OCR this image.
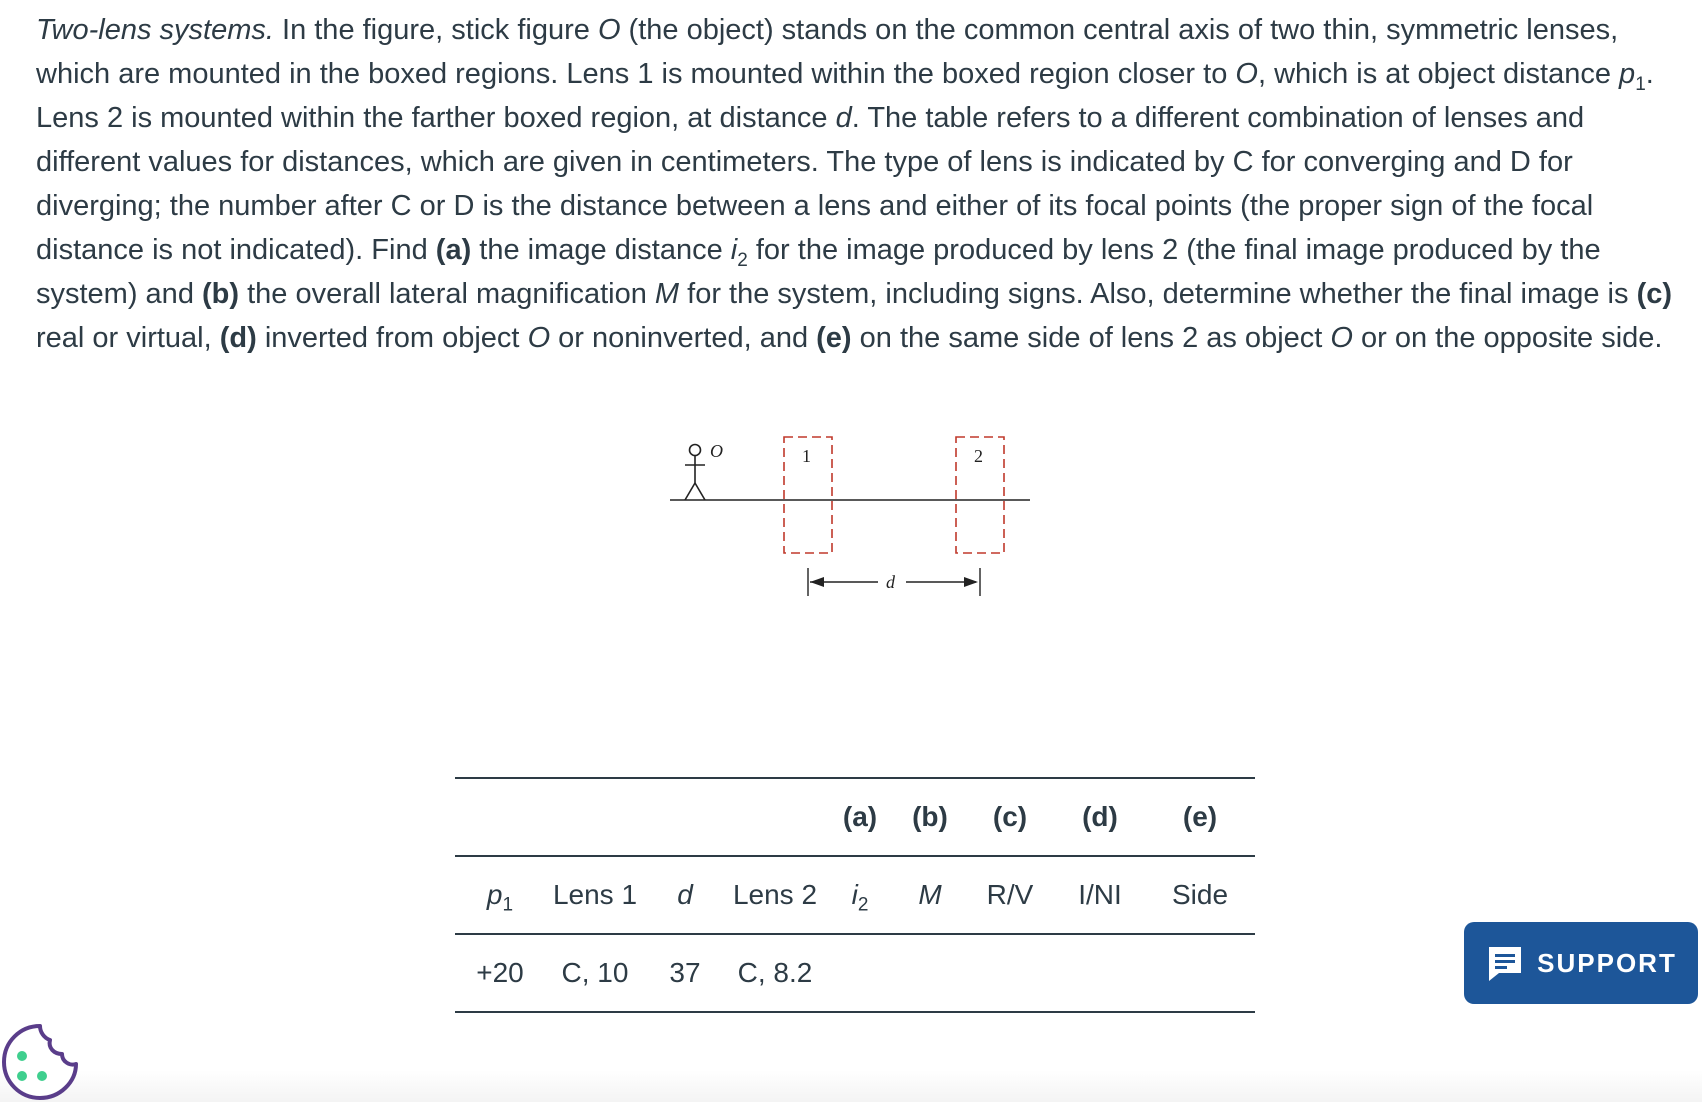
Two-lens systems. In the figure, stick figure O (the object) stands on the common central axis of two thin, symmetric lenses, which are mounted in the boxed regions. Lens 1 is mounted within the boxed region closer to O, which is at object distance $p_1$. Lens 2 is mounted within the farther boxed region, at distance d. The table refers to a different combination of lenses and different values for distances, which are given in centimeters. The type of lens is indicated by C for converging and D for diverging; the number after C or D is the distance between a lens and either of its focal points (the proper sign of the focal distance is not indicated). Find (a) the image distance $i_2$ for the image produced by lens 2 (the final image produced by the system) and (b) the overall lateral magnification M for the system, including signs. Also, determine whether the final image is (c) real or virtual, (d) inverted from object O or noninverted, and (e) on the same side of lens 2 as object O or on the opposite side.
O	1	2
d
				(a)	(b)	(c)	(d)	(e)
$p_1$	Lens 1	d	Lens 2	$i_2$	M	R/V	I/NI	Side
+20	C, 10	37	C, 8.2						SUPPORT
